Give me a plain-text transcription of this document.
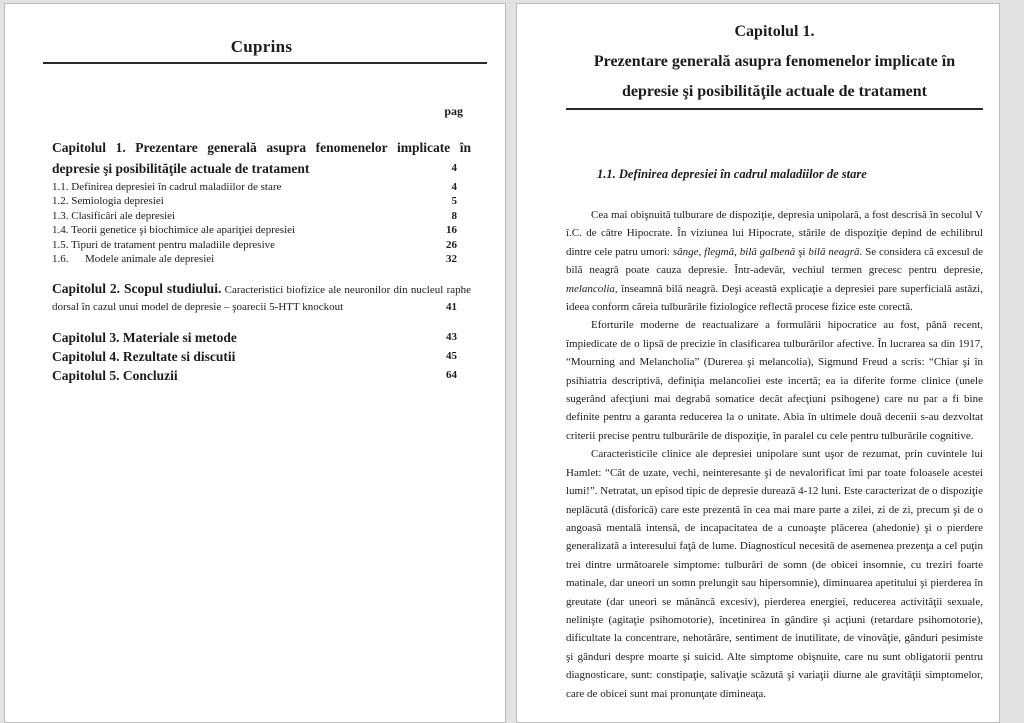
Cuprins
pag
Capitolul 1. Prezentare generală asupra fenomenelor implicate în
depresie şi posibilităţile actuale de tratament	4
1.1. Definirea depresiei în cadrul maladiilor de stare	4
1.2. Semiologia depresiei	5
1.3. Clasificări ale depresiei	8
1.4. Teorii genetice şi biochimice ale apariţiei depresiei	16
1.5. Tipuri de tratament pentru maladiile depresive	26
1.6.      Modele animale ale depresiei	32
Capitolul 2. Scopul studiului. Caracteristici biofizice ale neuronilor din nucleul raphe
dorsal în cazul unui model de depresie – şoarecii 5-HTT knockout	41
Capitolul 3. Materiale si metode	43
Capitolul 4. Rezultate si discutii	45
Capitolul 5. Concluzii	64
Capitolul 1.
Prezentare generală asupra fenomenelor implicate în
depresie şi posibilităţile actuale de tratament
1.1. Definirea depresiei în cadrul maladiilor de stare

Cea mai obişnuită tulburare de dispoziţie, depresia unipolară, a fost descrisă în secolul V î.C. de către Hipocrate. În viziunea lui Hipocrate, stările de dispoziţie depind de echilibrul dintre cele patru umori: sânge, flegmă, bilă galbenă şi bilă neagră. Se considera că excesul de bilă neagră poate cauza depresie. Într-adevăr, vechiul termen grecesc pentru depresie, melancolia, înseamnă bilă neagră. Deşi această explicaţie a depresiei pare superficială astăzi, ideea conform căreia tulburările fiziologice reflectă procese fizice este corectă.

Eforturile moderne de reactualizare a formulării hipocratice au fost, până recent, împiedicate de o lipsă de precizie în clasificarea tulburărilor afective. În lucrarea sa din 1917, “Mourning and Melancholia” (Durerea şi melancolia), Sigmund Freud a scris: “Chiar şi în psihiatria descriptivă, definiţia melancoliei este incertă; ea ia diferite forme clinice (unele sugerând afecţiuni mai degrabă somatice decât afecţiuni psihogene) care nu par a fi bine definite pentru a garanta reducerea la o unitate. Abia în ultimele două decenii s-au dezvoltat criterii precise pentru tulburările de dispoziţie, în paralel cu cele pentru tulburările cognitive.

Caracteristicile clinice ale depresiei unipolare sunt uşor de rezumat, prin cuvintele lui Hamlet: “Cât de uzate, vechi, neinteresante şi de nevalorificat îmi par toate foloasele acestei lumi!”. Netratat, un episod tipic de depresie durează 4-12 luni. Este caracterizat de o dispoziţie neplăcută (disforică) care este prezentă în cea mai mare parte a zilei, zi de zi, precum şi de o angoasă mentală intensă, de incapacitatea de a cunoaşte plăcerea (ahedonie) şi o pierdere generalizată a interesului faţă de lume. Diagnosticul necesită de asemenea prezenţa a cel puţin trei dintre următoarele simptome: tulburări de somn (de obicei insomnie, cu treziri foarte matinale, dar uneori un somn prelungit sau hipersomnie), diminuarea apetitului şi pierderea în greutate (dar uneori se mănâncă excesiv), pierderea energiei, reducerea activităţii sexuale, nelinişte (agitaţie psihomotorie), încetinirea în gândire şi acţiuni (retardare psihomotorie), dificultate la concentrare, nehotărâre, sentiment de inutilitate, de vinovăţie, gânduri pesimiste şi gânduri despre moarte şi suicid. Alte simptome obişnuite, care nu sunt obligatorii pentru diagnosticare, sunt: constipaţie, salivaţie scăzută şi variaţii diurne ale gravităţii simptomelor, care de obicei sunt mai pronunţate dimineaţa.
